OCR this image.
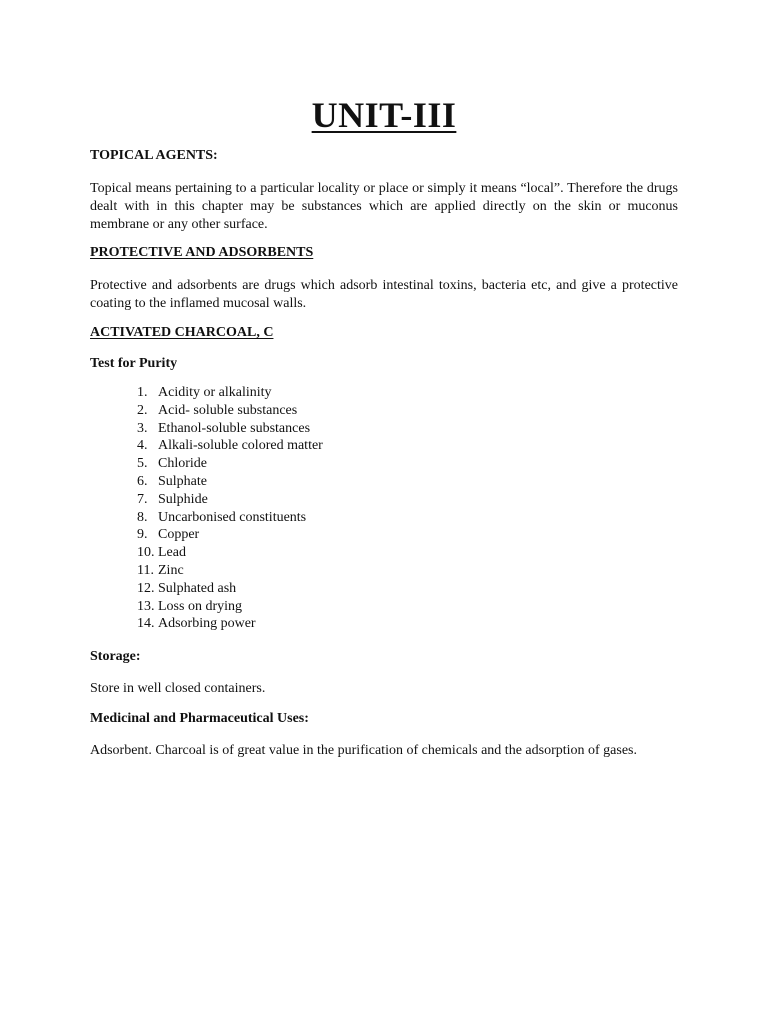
UNIT-III
TOPICAL AGENTS:

Topical means pertaining to a particular locality or place or simply it means “local”. Therefore the drugs dealt with in this chapter may be substances which are applied directly on the skin or muconus membrane or any other surface.

PROTECTIVE AND ADSORBENTS

Protective and adsorbents are drugs which adsorb intestinal toxins, bacteria etc, and give a protective coating to the inflamed mucosal walls.

ACTIVATED CHARCOAL, C
Test for Purity
1. Acidity or alkalinity
2. Acid- soluble substances
3. Ethanol-soluble substances
4. Alkali-soluble colored matter
5. Chloride
6. Sulphate
7. Sulphide
8. Uncarbonised constituents
9. Copper
10. Lead
11. Zinc
12. Sulphated ash
13. Loss on drying
14. Adsorbing power
Storage:

Store in well closed containers.

Medicinal and Pharmaceutical Uses:

Adsorbent. Charcoal is of great value in the purification of chemicals and the adsorption of gases.
